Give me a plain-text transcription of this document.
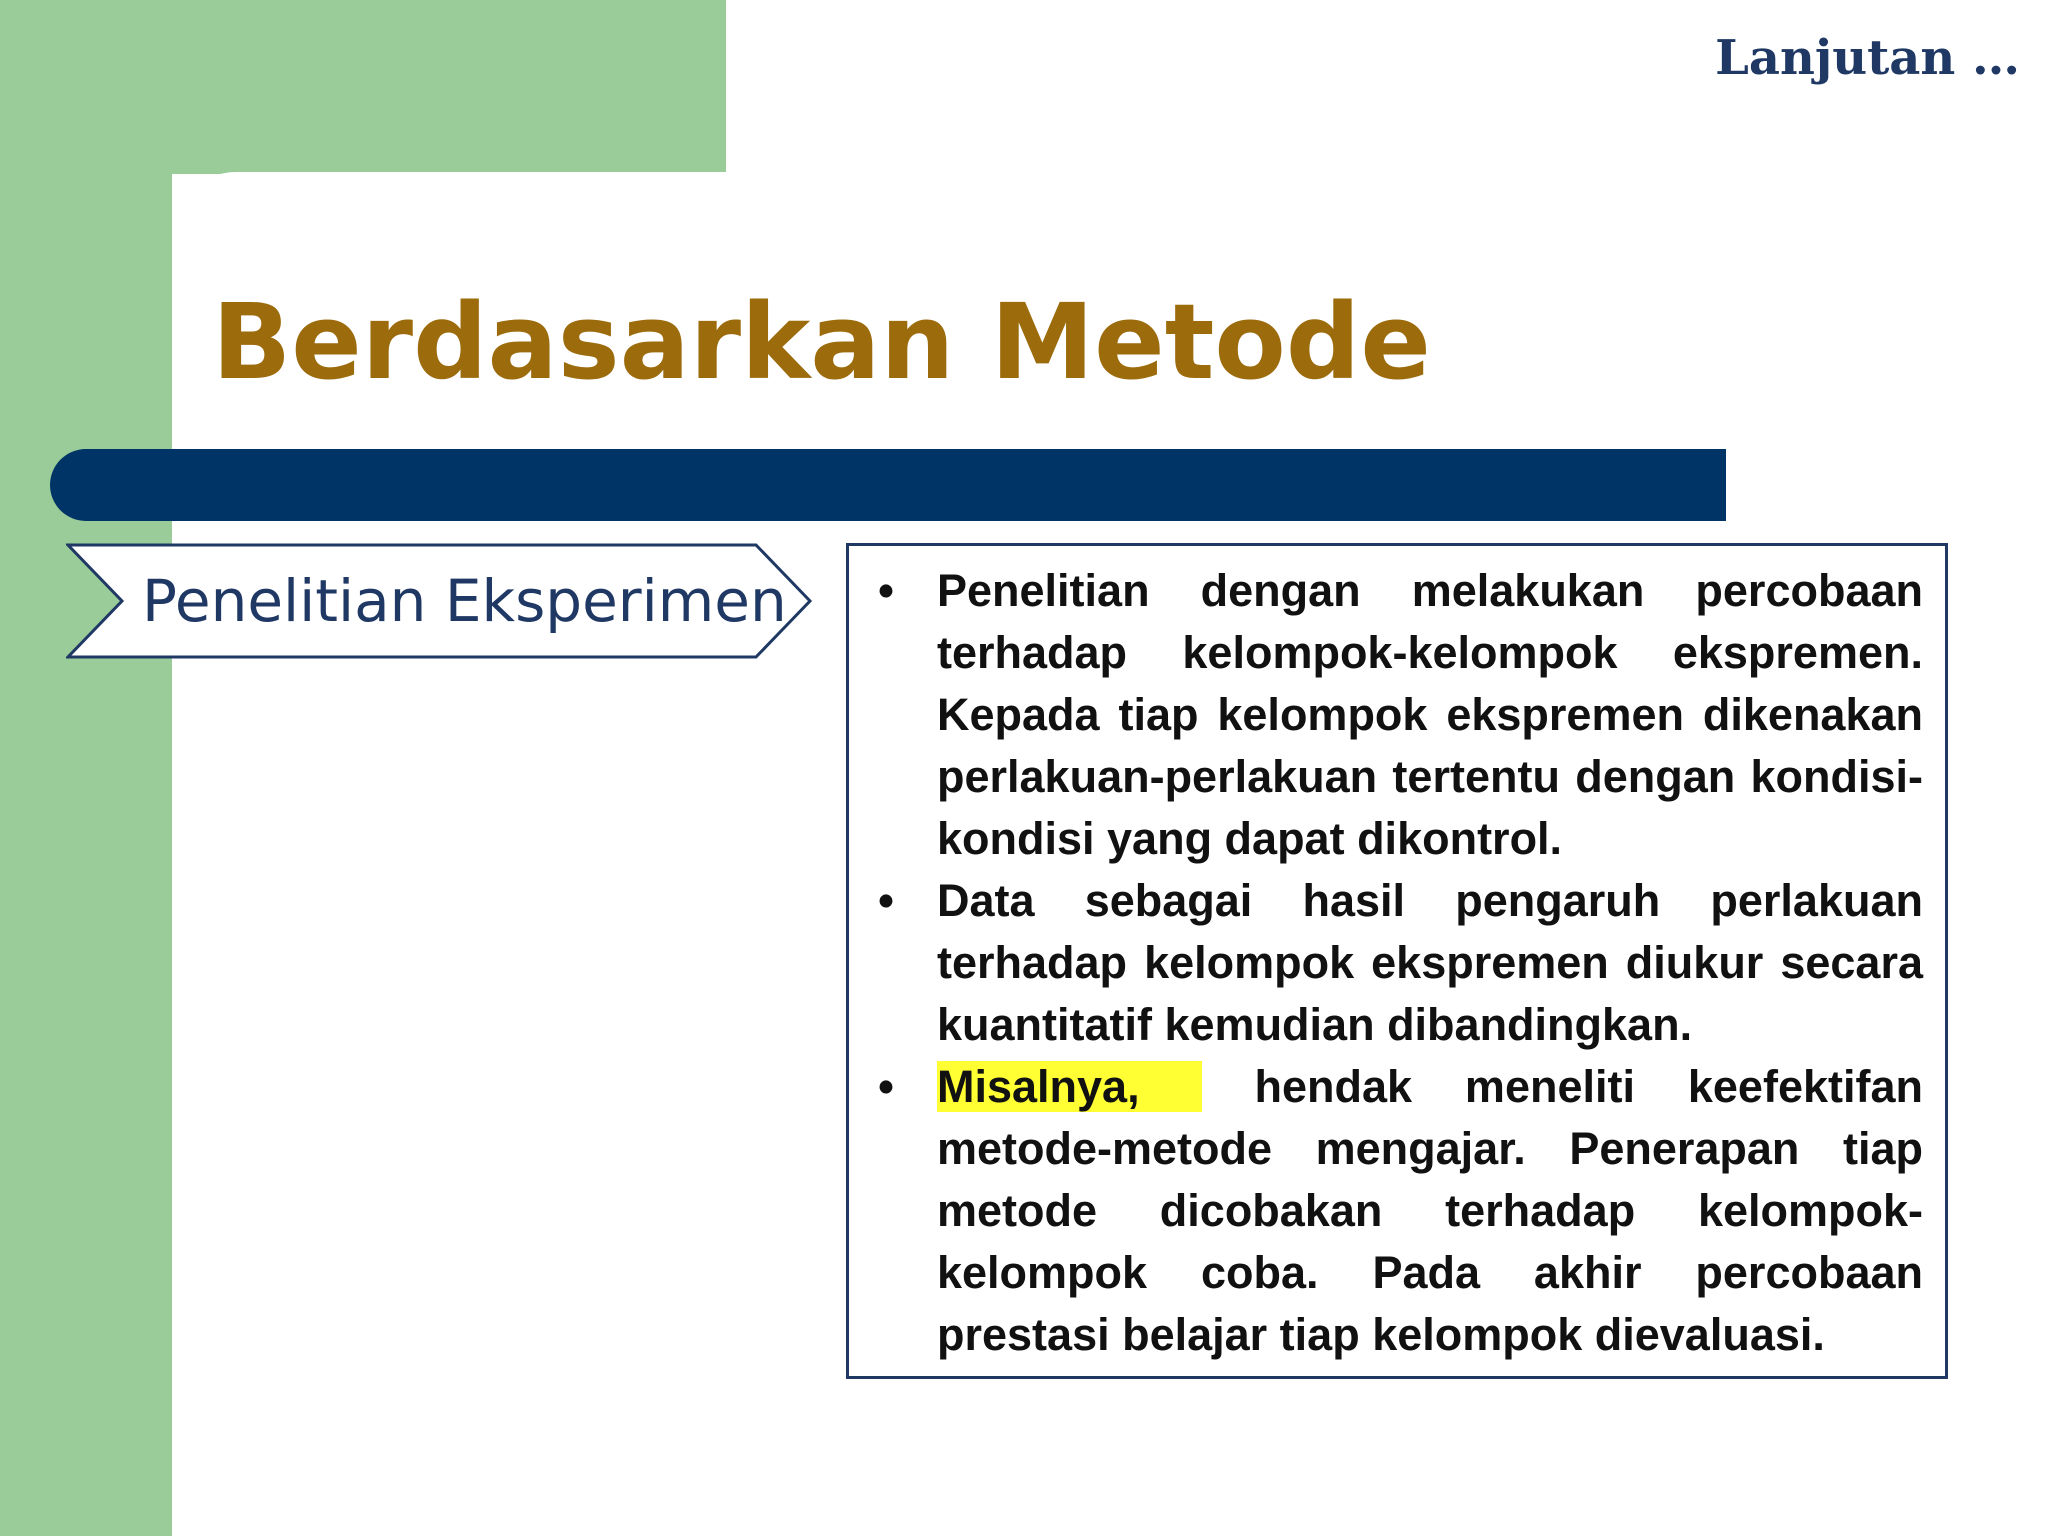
Lanjutan …
Berdasarkan Metode
Penelitian Eksperimen • Penelitian dengan melakukan percobaan terhadap kelompok-kelompok ekspremen. Kepada tiap kelompok ekspremen dikenakan perlakuan-perlakuan tertentu dengan kondisi-kondisi yang dapat dikontrol.
• Data sebagai hasil pengaruh perlakuan terhadap kelompok ekspremen diukur secara kuantitatif kemudian dibandingkan.
• Misalnya, hendak meneliti keefektifan metode-metode mengajar. Penerapan tiap metode dicobakan terhadap kelompok-kelompok coba. Pada akhir percobaan prestasi belajar tiap kelompok dievaluasi.
